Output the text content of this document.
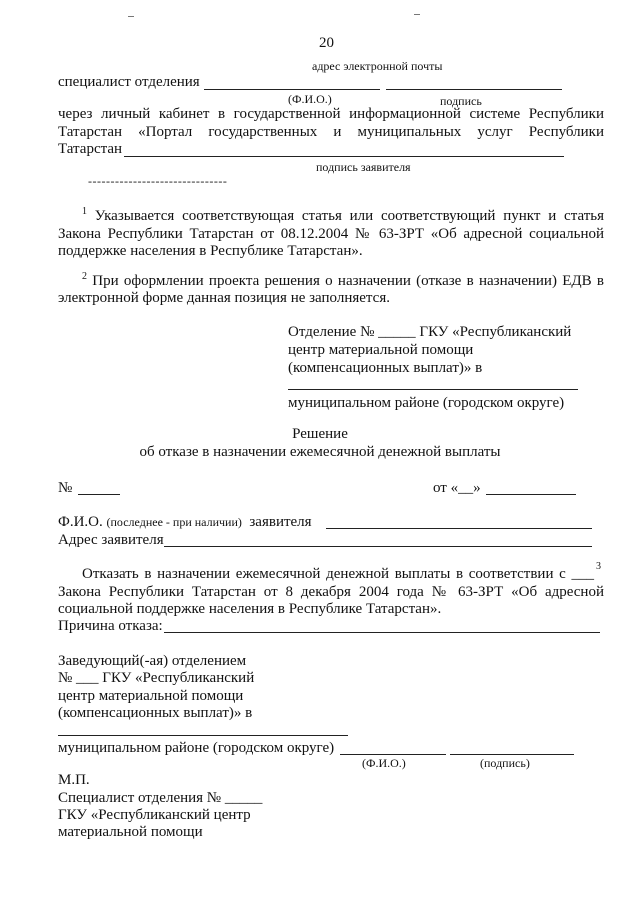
20
адрес электронной почты
специалист отделения
(Ф.И.О.)	подпись
через личный кабинет в государственной информационной системе Республики
Татарстан «Портал государственных и муниципальных услуг Республики
Татарстан
подпись заявителя
-------------------------------
$^1$ Указывается соответствующая статья или соответствующий пункт и статья
Закона Республики Татарстан от 08.12.2004 № 63-ЗРТ «Об адресной социальной
поддержке населения в Республике Татарстан».
$^2$ При оформлении проекта решения о назначении (отказе в назначении) ЕДВ в
электронной форме данная позиция не заполняется.
Отделение № _____ ГКУ «Республиканский
центр материальной помощи
(компенсационных выплат)» в
муниципальном районе (городском округе)
Решение
об отказе в назначении ежемесячной денежной выплаты
№	от «__»
Ф.И.О. (последнее - при наличии) заявителя
Адрес заявителя
Отказать в назначении ежемесячной денежной выплаты в соответствии с ___ 3
Закона Республики Татарстан от 8 декабря 2004 года № 63-ЗРТ «Об адресной
социальной поддержке населения в Республике Татарстан».
Причина отказа:
Заведующий(-ая) отделением
№ ___ ГКУ «Республиканский
центр материальной помощи
(компенсационных выплат)» в
муниципальном районе (городском округе)
(Ф.И.О.)	(подпись)
М.П.
Специалист отделения № _____
ГКУ «Республиканский центр
материальной помощи
